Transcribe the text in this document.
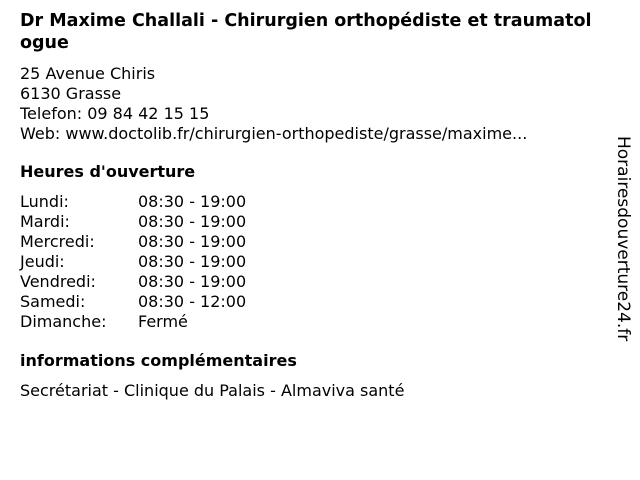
Dr Maxime Challali - Chirurgien orthopédiste et traumatologue
25 Avenue Chiris
6130 Grasse
Telefon: 09 84 42 15 15
Web: www.doctolib.fr/chirurgien-orthopediste/grasse/maxime...
Heures d'ouverture
Lundi:	08:30 - 19:00
Mardi:	08:30 - 19:00
Mercredi:	08:30 - 19:00
Jeudi:	08:30 - 19:00
Vendredi:	08:30 - 19:00
Samedi:	08:30 - 12:00
Dimanche:	Fermé
informations complémentaires
Secrétariat - Clinique du Palais - Almaviva santé
Horairesdouverture24.fr
